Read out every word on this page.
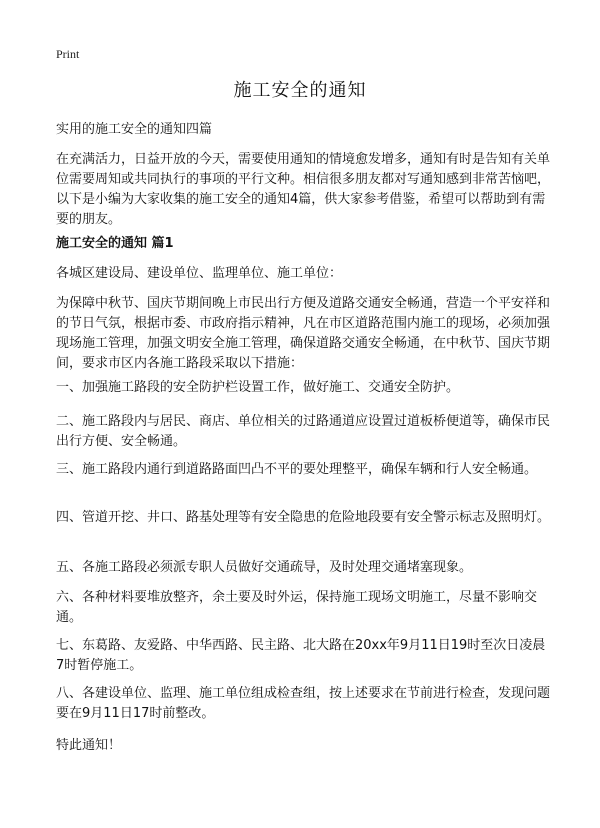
Print
施工安全的通知
实用的施工安全的通知四篇

在充满活力，日益开放的今天，需要使用通知的情境愈发增多，通知有时是告知有关单位需要周知或共同执行的事项的平行文种。相信很多朋友都对写通知感到非常苦恼吧，以下是小编为大家收集的施工安全的通知4篇，供大家参考借鉴，希望可以帮助到有需要的朋友。

施工安全的通知 篇1

各城区建设局、建设单位、监理单位、施工单位：

为保障中秋节、国庆节期间晚上市民出行方便及道路交通安全畅通，营造一个平安祥和的节日气氛，根据市委、市政府指示精神，凡在市区道路范围内施工的现场，必须加强现场施工管理，加强文明安全施工管理，确保道路交通安全畅通，在中秋节、国庆节期间，要求市区内各施工路段采取以下措施：

一、加强施工路段的安全防护栏设置工作，做好施工、交通安全防护。

二、施工路段内与居民、商店、单位相关的过路通道应设置过道板桥便道等，确保市民出行方便、安全畅通。

三、施工路段内通行到道路路面凹凸不平的要处理整平，确保车辆和行人安全畅通。

四、管道开挖、井口、路基处理等有安全隐患的危险地段要有安全警示标志及照明灯。

五、各施工路段必须派专职人员做好交通疏导，及时处理交通堵塞现象。

六、各种材料要堆放整齐，余土要及时外运，保持施工现场文明施工，尽量不影响交通。

七、东葛路、友爱路、中华西路、民主路、北大路在20xx年9月11日19时至次日凌晨7时暂停施工。

八、各建设单位、监理、施工单位组成检查组，按上述要求在节前进行检查，发现问题要在9月11日17时前整改。

特此通知！
